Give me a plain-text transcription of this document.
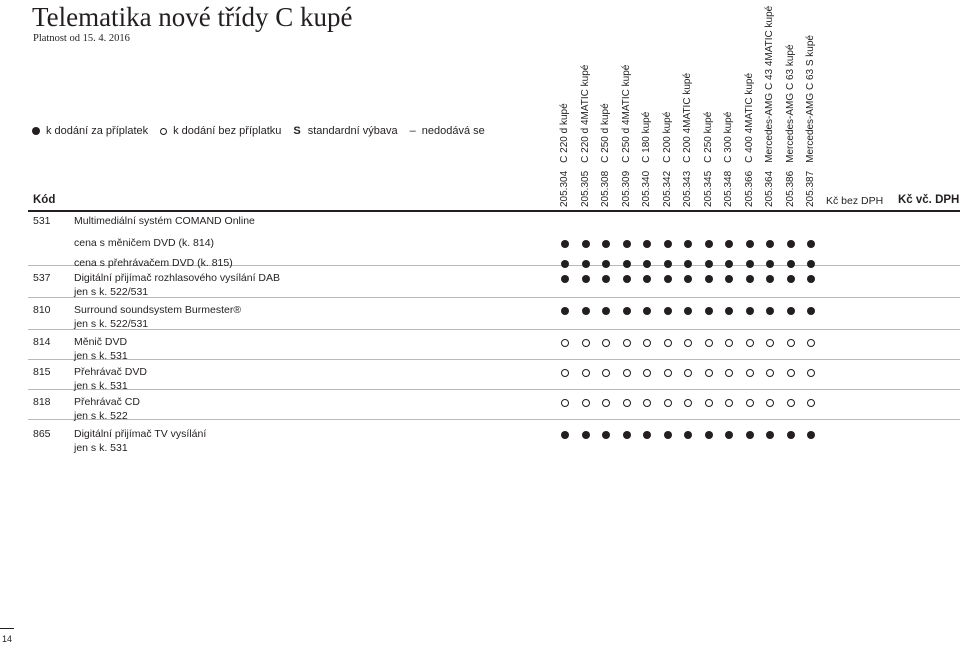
Telematika nové třídy C kupé
Platnost od 15. 4. 2016
k dodání za příplatek k dodání bez příplatku S standardní výbava – nedodává se
Kód	205.304C 220 d kupé
205.305C 220 d 4MATIC kupé
205.308C 250 d kupé
205.309C 250 d 4MATIC kupé
205.340C 180 kupé
205.342C 200 kupé
205.343C 200 4MATIC kupé
205.345C 250 kupé
205.348C 300 kupé
205.366C 400 4MATIC kupé
205.364Mercedes-AMG C 43 4MATIC kupé
205.386Mercedes-AMG C 63 kupé
205.387Mercedes-AMG C 63 S kupé
Kč bez DPH Kč vč. DPH
531 Multimediální systém COMAND Online
cena s měničem DVD (k. 814)
cena s přehrávačem DVD (k. 815)
537 Digitální přijímač rozhlasového vysílání DAB
jen s k. 522/531
810 Surround soundsystem Burmester®
jen s k. 522/531
814 Měnič DVD
jen s k. 531
815 Přehrávač DVD
jen s k. 531
818 Přehrávač CD
jen s k. 522
865 Digitální přijímač TV vysílání
jen s k. 531
14
